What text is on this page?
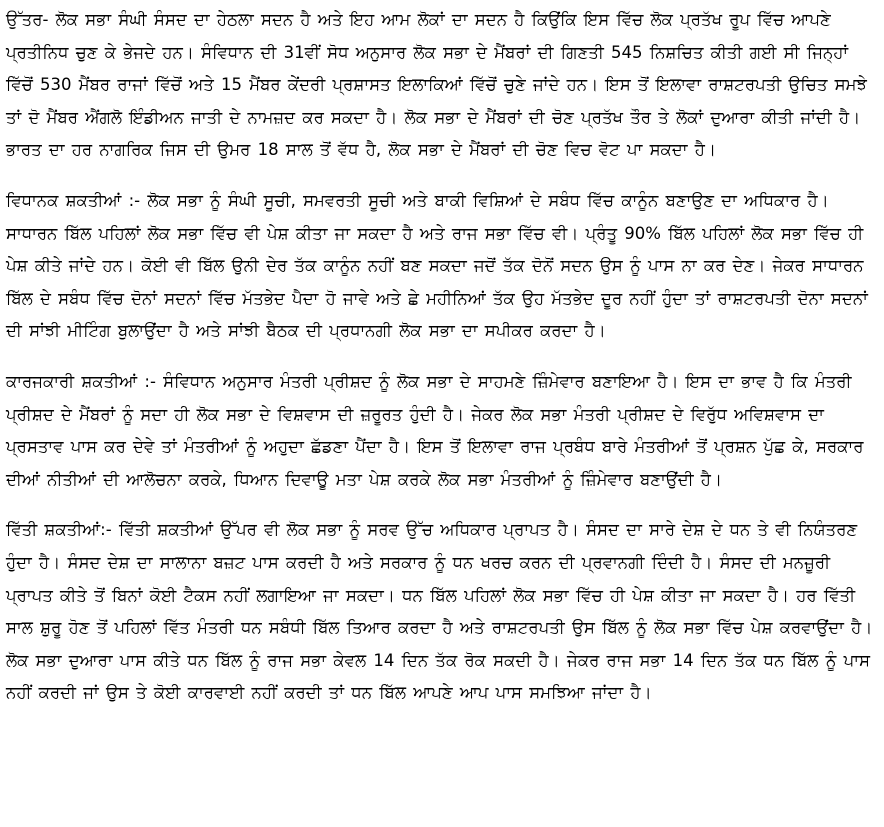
ਉੱਤਰ- ਲੋਕ ਸਭਾ ਸੰਘੀ ਸੰਸਦ ਦਾ ਹੇਠਲਾ ਸਦਨ ਹੈ ਅਤੇ ਇਹ ਆਮ ਲੋਕਾਂ ਦਾ ਸਦਨ ਹੈ ਕਿਉਂਕਿ ਇਸ ਵਿੱਚ ਲੋਕ ਪ੍ਰਤੱਖ ਰੂਪ ਵਿੱਚ ਆਪਣੇ ਪ੍ਰਤੀਨਿਧ ਚੁਣ ਕੇ ਭੇਜਦੇ ਹਨ। ਸੰਵਿਧਾਨ ਦੀ 31ਵੀਂ ਸੋਧ ਅਨੁਸਾਰ ਲੋਕ ਸਭਾ ਦੇ ਮੈਂਬਰਾਂ ਦੀ ਗਿਣਤੀ 545 ਨਿਸ਼ਚਿਤ ਕੀਤੀ ਗਈ ਸੀ ਜਿਨ੍ਹਾਂ ਵਿੱਚੋਂ 530 ਮੈਂਬਰ ਰਾਜਾਂ ਵਿੱਚੋਂ ਅਤੇ 15 ਮੈਂਬਰ ਕੇਂਦਰੀ ਪ੍ਰਸ਼ਾਸਤ ਇਲਾਕਿਆਂ ਵਿੱਚੋਂ ਚੁਣੇ ਜਾਂਦੇ ਹਨ। ਇਸ ਤੋਂ ਇਲਾਵਾ ਰਾਸ਼ਟਰਪਤੀ ਉਚਿਤ ਸਮਝੇ ਤਾਂ ਦੋ ਮੈਂਬਰ ਐਂਗਲੋ ਇੰਡੀਅਨ ਜਾਤੀ ਦੇ ਨਾਮਜ਼ਦ ਕਰ ਸਕਦਾ ਹੈ। ਲੋਕ ਸਭਾ ਦੇ ਮੈਂਬਰਾਂ ਦੀ ਚੋਣ ਪ੍ਰਤੱਖ ਤੌਰ ਤੇ ਲੋਕਾਂ ਦੁਆਰਾ ਕੀਤੀ ਜਾਂਦੀ ਹੈ। ਭਾਰਤ ਦਾ ਹਰ ਨਾਗਰਿਕ ਜਿਸ ਦੀ ਉਮਰ 18 ਸਾਲ ਤੋਂ ਵੱਧ ਹੈ, ਲੋਕ ਸਭਾ ਦੇ ਮੈਂਬਰਾਂ ਦੀ ਚੋਣ ਵਿਚ ਵੋਟ ਪਾ ਸਕਦਾ ਹੈ।

ਵਿਧਾਨਕ ਸ਼ਕਤੀਆਂ :- ਲੋਕ ਸਭਾ ਨੂੰ ਸੰਘੀ ਸੂਚੀ, ਸਮਵਰਤੀ ਸੂਚੀ ਅਤੇ ਬਾਕੀ ਵਿਸ਼ਿਆਂ ਦੇ ਸਬੰਧ ਵਿੱਚ ਕਾਨੂੰਨ ਬਣਾਉਣ ਦਾ ਅਧਿਕਾਰ ਹੈ। ਸਾਧਾਰਨ ਬਿੱਲ ਪਹਿਲਾਂ ਲੋਕ ਸਭਾ ਵਿੱਚ ਵੀ ਪੇਸ਼ ਕੀਤਾ ਜਾ ਸਕਦਾ ਹੈ ਅਤੇ ਰਾਜ ਸਭਾ ਵਿੱਚ ਵੀ। ਪ੍ਰੰਤੂ 90% ਬਿੱਲ ਪਹਿਲਾਂ ਲੋਕ ਸਭਾ ਵਿੱਚ ਹੀ ਪੇਸ਼ ਕੀਤੇ ਜਾਂਦੇ ਹਨ। ਕੋਈ ਵੀ ਬਿੱਲ ਉਨੀ ਦੇਰ ਤੱਕ ਕਾਨੂੰਨ ਨਹੀਂ ਬਣ ਸਕਦਾ ਜਦੋਂ ਤੱਕ ਦੋਨੋਂ ਸਦਨ ਉਸ ਨੂੰ ਪਾਸ ਨਾ ਕਰ ਦੇਣ। ਜੇਕਰ ਸਾਧਾਰਨ ਬਿੱਲ ਦੇ ਸਬੰਧ ਵਿੱਚ ਦੋਨਾਂ ਸਦਨਾਂ ਵਿੱਚ ਮੱਤਭੇਦ ਪੈਦਾ ਹੋ ਜਾਵੇ ਅਤੇ ਛੇ ਮਹੀਨਿਆਂ ਤੱਕ ਉਹ ਮੱਤਭੇਦ ਦੂਰ ਨਹੀਂ ਹੁੰਦਾ ਤਾਂ ਰਾਸ਼ਟਰਪਤੀ ਦੋਨਾ ਸਦਨਾਂ ਦੀ ਸਾਂਝੀ ਮੀਟਿੰਗ ਬੁਲਾਉਂਦਾ ਹੈ ਅਤੇ ਸਾਂਝੀ ਬੈਠਕ ਦੀ ਪ੍ਰਧਾਨਗੀ ਲੋਕ ਸਭਾ ਦਾ ਸਪੀਕਰ ਕਰਦਾ ਹੈ।

ਕਾਰਜਕਾਰੀ ਸ਼ਕਤੀਆਂ :- ਸੰਵਿਧਾਨ ਅਨੁਸਾਰ ਮੰਤਰੀ ਪ੍ਰੀਸ਼ਦ ਨੂੰ ਲੋਕ ਸਭਾ ਦੇ ਸਾਹਮਣੇ ਜ਼ਿੰਮੇਵਾਰ ਬਣਾਇਆ ਹੈ। ਇਸ ਦਾ ਭਾਵ ਹੈ ਕਿ ਮੰਤਰੀ ਪ੍ਰੀਸ਼ਦ ਦੇ ਮੈਂਬਰਾਂ ਨੂੰ ਸਦਾ ਹੀ ਲੋਕ ਸਭਾ ਦੇ ਵਿਸ਼ਵਾਸ ਦੀ ਜ਼ਰੂਰਤ ਹੁੰਦੀ ਹੈ। ਜੇਕਰ ਲੋਕ ਸਭਾ ਮੰਤਰੀ ਪ੍ਰੀਸ਼ਦ ਦੇ ਵਿਰੁੱਧ ਅਵਿਸ਼ਵਾਸ ਦਾ ਪ੍ਰਸਤਾਵ ਪਾਸ ਕਰ ਦੇਵੇ ਤਾਂ ਮੰਤਰੀਆਂ ਨੂੰ ਅਹੁਦਾ ਛੱਡਣਾ ਪੈਂਦਾ ਹੈ। ਇਸ ਤੋਂ ਇਲਾਵਾ ਰਾਜ ਪ੍ਰਬੰਧ ਬਾਰੇ ਮੰਤਰੀਆਂ ਤੋਂ ਪ੍ਰਸ਼ਨ ਪੁੱਛ ਕੇ, ਸਰਕਾਰ ਦੀਆਂ ਨੀਤੀਆਂ ਦੀ ਆਲੋਚਨਾ ਕਰਕੇ, ਧਿਆਨ ਦਿਵਾਊ ਮਤਾ ਪੇਸ਼ ਕਰਕੇ ਲੋਕ ਸਭਾ ਮੰਤਰੀਆਂ ਨੂੰ ਜ਼ਿੰਮੇਵਾਰ ਬਣਾਉਂਦੀ ਹੈ।

ਵਿੱਤੀ ਸ਼ਕਤੀਆਂ:- ਵਿੱਤੀ ਸ਼ਕਤੀਆਂ ਉੱਪਰ ਵੀ ਲੋਕ ਸਭਾ ਨੂੰ ਸਰਵ ਉੱਚ ਅਧਿਕਾਰ ਪ੍ਰਾਪਤ ਹੈ। ਸੰਸਦ ਦਾ ਸਾਰੇ ਦੇਸ਼ ਦੇ ਧਨ ਤੇ ਵੀ ਨਿਯੰਤਰਣ ਹੁੰਦਾ ਹੈ। ਸੰਸਦ ਦੇਸ਼ ਦਾ ਸਾਲਾਨਾ ਬਜ਼ਟ ਪਾਸ ਕਰਦੀ ਹੈ ਅਤੇ ਸਰਕਾਰ ਨੂੰ ਧਨ ਖਰਚ ਕਰਨ ਦੀ ਪ੍ਰਵਾਨਗੀ ਦਿੰਦੀ ਹੈ। ਸੰਸਦ ਦੀ ਮਨਜ਼ੂਰੀ ਪ੍ਰਾਪਤ ਕੀਤੇ ਤੋਂ ਬਿਨਾਂ ਕੋਈ ਟੈਕਸ ਨਹੀਂ ਲਗਾਇਆ ਜਾ ਸਕਦਾ। ਧਨ ਬਿੱਲ ਪਹਿਲਾਂ ਲੋਕ ਸਭਾ ਵਿੱਚ ਹੀ ਪੇਸ਼ ਕੀਤਾ ਜਾ ਸਕਦਾ ਹੈ। ਹਰ ਵਿੱਤੀ ਸਾਲ ਸ਼ੁਰੂ ਹੋਣ ਤੋਂ ਪਹਿਲਾਂ ਵਿੱਤ ਮੰਤਰੀ ਧਨ ਸਬੰਧੀ ਬਿੱਲ ਤਿਆਰ ਕਰਦਾ ਹੈ ਅਤੇ ਰਾਸ਼ਟਰਪਤੀ ਉਸ ਬਿੱਲ ਨੂੰ ਲੋਕ ਸਭਾ ਵਿੱਚ ਪੇਸ਼ ਕਰਵਾਉਂਦਾ ਹੈ। ਲੋਕ ਸਭਾ ਦੁਆਰਾ ਪਾਸ ਕੀਤੇ ਧਨ ਬਿੱਲ ਨੂੰ ਰਾਜ ਸਭਾ ਕੇਵਲ 14 ਦਿਨ ਤੱਕ ਰੋਕ ਸਕਦੀ ਹੈ। ਜੇਕਰ ਰਾਜ ਸਭਾ 14 ਦਿਨ ਤੱਕ ਧਨ ਬਿੱਲ ਨੂੰ ਪਾਸ ਨਹੀਂ ਕਰਦੀ ਜਾਂ ਉਸ ਤੇ ਕੋਈ ਕਾਰਵਾਈ ਨਹੀਂ ਕਰਦੀ ਤਾਂ ਧਨ ਬਿੱਲ ਆਪਣੇ ਆਪ ਪਾਸ ਸਮਝਿਆ ਜਾਂਦਾ ਹੈ।
